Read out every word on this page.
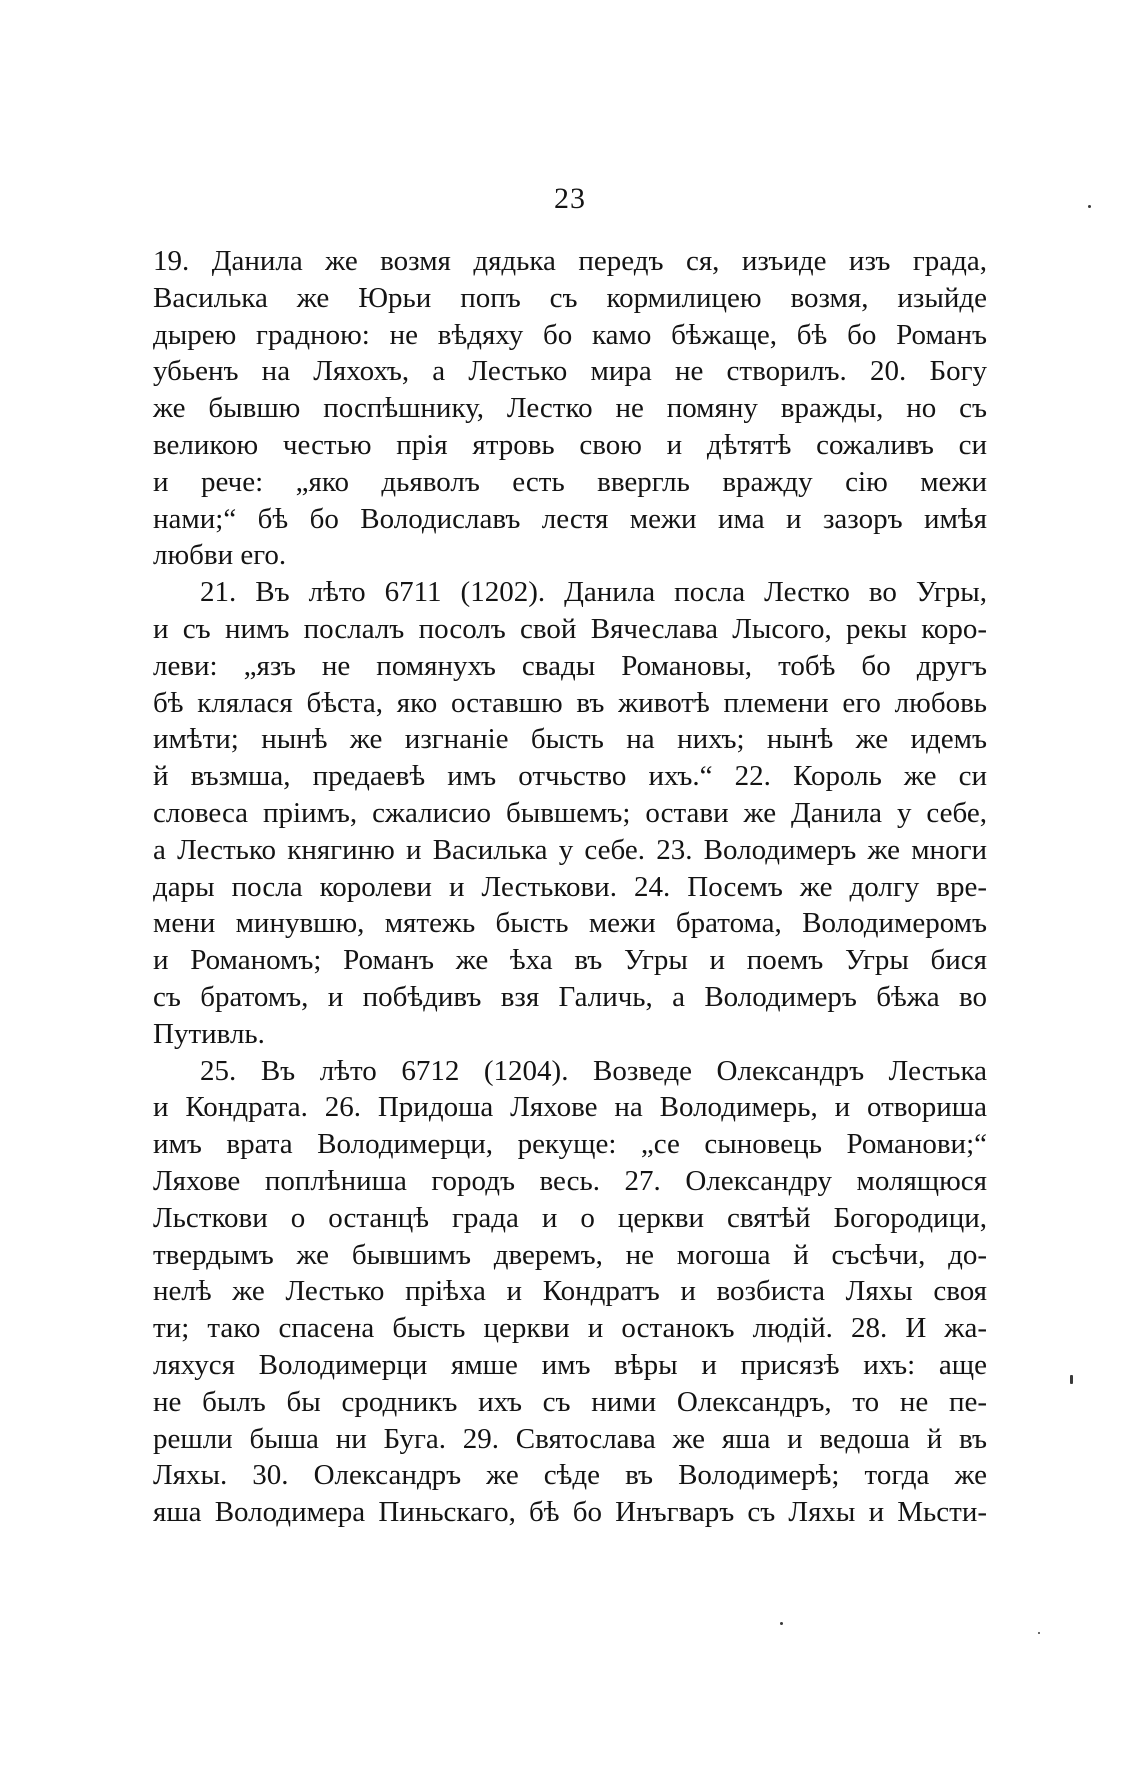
23
19. Данила же возмя дядька передъ ся, изъиде изъ града,
Василька же Юрьи попъ съ кормилицею возмя, изыйде
дырею градною: не вѣдяху бо камо бѣжаще, бѣ бо Романъ
убьенъ на Ляхохъ, а Лестько мира не створилъ. 20. Богу
же бывшю поспѣшнику, Лестко не помяну вражды, но съ
великою честью прія ятровь свою и дѣтятѣ сожаливъ си
и рече: „яко дьяволъ есть ввергль вражду сію межи
нами;“ бѣ бо Володиславъ лестя межи има и зазоръ имѣя
любви его.
21. Въ лѣто 6711 (1202). Данила посла Лестко во Угры,
и съ нимъ послалъ посолъ свой Вячеслава Лысого, рекы коро-
леви: „язъ не помянухъ свады Романовы, тобѣ бо другъ
бѣ клялася бѣста, яко оставшю въ животѣ племени его любовь
имѣти; нынѣ же изгнаніе бысть на нихъ; нынѣ же идемъ
й възмша, предаевѣ имъ отчьство ихъ.“ 22. Король же си
словеса пріимъ, сжалисио бывшемъ; остави же Данила у себе,
а Лестько княгиню и Василька у себе. 23. Володимеръ же многи
дары посла королеви и Лестькови. 24. Посемъ же долгу вре-
мени минувшю, мятежь бысть межи братома, Володимеромъ
и Романомъ; Романъ же ѣха въ Угры и поемъ Угры бися
съ братомъ, и побѣдивъ взя Галичь, а Володимеръ бѣжа во
Путивль.
25. Въ лѣто 6712 (1204). Возведе Олександръ Лестька
и Кондрата. 26. Придоша Ляхове на Володимерь, и отвориша
имъ врата Володимерци, рекуще: „се сыновець Романови;“
Ляхове поплѣниша городъ весь. 27. Олександру молящюся
Льсткови о останцѣ града и о церкви святѣй Богородици,
твердымъ же бывшимъ дверемъ, не могоша й съсѣчи, до-
нелѣ же Лестько пріѣха и Кондратъ и возбиста Ляхы своя
ти; тако спасена бысть церкви и останокъ людій. 28. И жа-
ляхуся Володимерци ямше имъ вѣры и присязѣ ихъ: аще
не былъ бы сродникъ ихъ съ ними Олександръ, то не пе-
решли быша ни Буга. 29. Святослава же яша и ведоша й въ
Ляхы. 30. Олександръ же сѣде въ Володимерѣ; тогда же
яша Володимера Пиньскаго, бѣ бо Инъгваръ съ Ляхы и Мьсти-
